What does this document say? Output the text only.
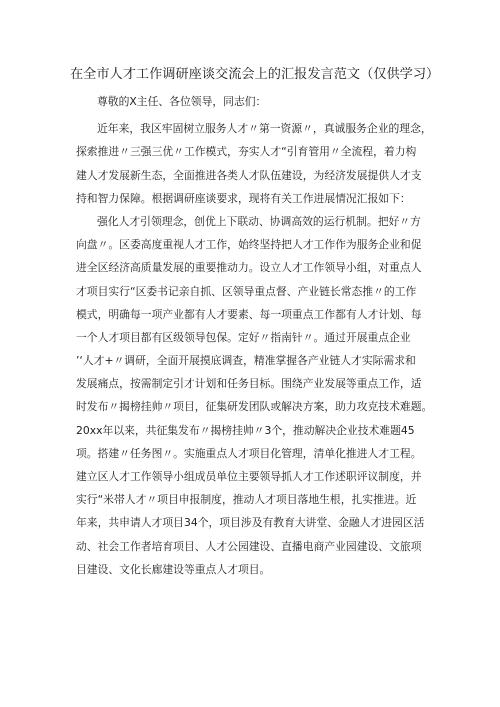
在全市人才工作调研座谈交流会上的汇报发言范文（仅供学习）
尊敬的X主任、各位领导，同志们：
近年来，我区牢固树立服务人才〃第一资源〃，真诚服务企业的理念，
探索推进〃三强三优〃工作模式，夯实人才“引育管用〃全流程，着力构
建人才发展新生态，全面推进各类人才队伍建设，为经济发展提供人才支
持和智力保障。根据调研座谈要求，现将有关工作进展情况汇报如下：
强化人才引领理念，创优上下联动、协调高效的运行机制。把好〃方
向盘〃。区委高度重视人才工作，始终坚持把人才工作作为服务企业和促
进全区经济高质量发展的重要推动力。设立人才工作领导小组，对重点人
才项目实行“区委书记亲自抓、区领导重点督、产业链长常态推〃的工作
模式，明确每一项产业都有人才要素、每一项重点工作都有人才计划、每
一个人才项目都有区级领导包保。定好〃指南针〃。通过开展重点企业
’‘人才+〃调研，全面开展摸底调查，精准掌握各产业链人才实际需求和
发展痛点，按需制定引才计划和任务目标。围绕产业发展等重点工作，适
时发布〃揭榜挂帅〃项目，征集研发团队或解决方案，助力攻克技术难题。
20xx年以来，共征集发布〃揭榜挂帅〃3个，推动解决企业技术难题45
项。搭建〃任务图〃。实施重点人才项目化管理，清单化推进人才工程。
建立区人才工作领导小组成员单位主要领导抓人才工作述职评议制度，并
实行“米帯人才〃项目申报制度，推动人才项目落地生根，扎实推进。近
年来，共申请人才项目34个，项目涉及有教育大讲堂、金融人才进园区活
动、社会工作者培育项目、人才公园建设、直播电商产业园建设、文旅项
目建设、文化长廊建设等重点人才项目。
